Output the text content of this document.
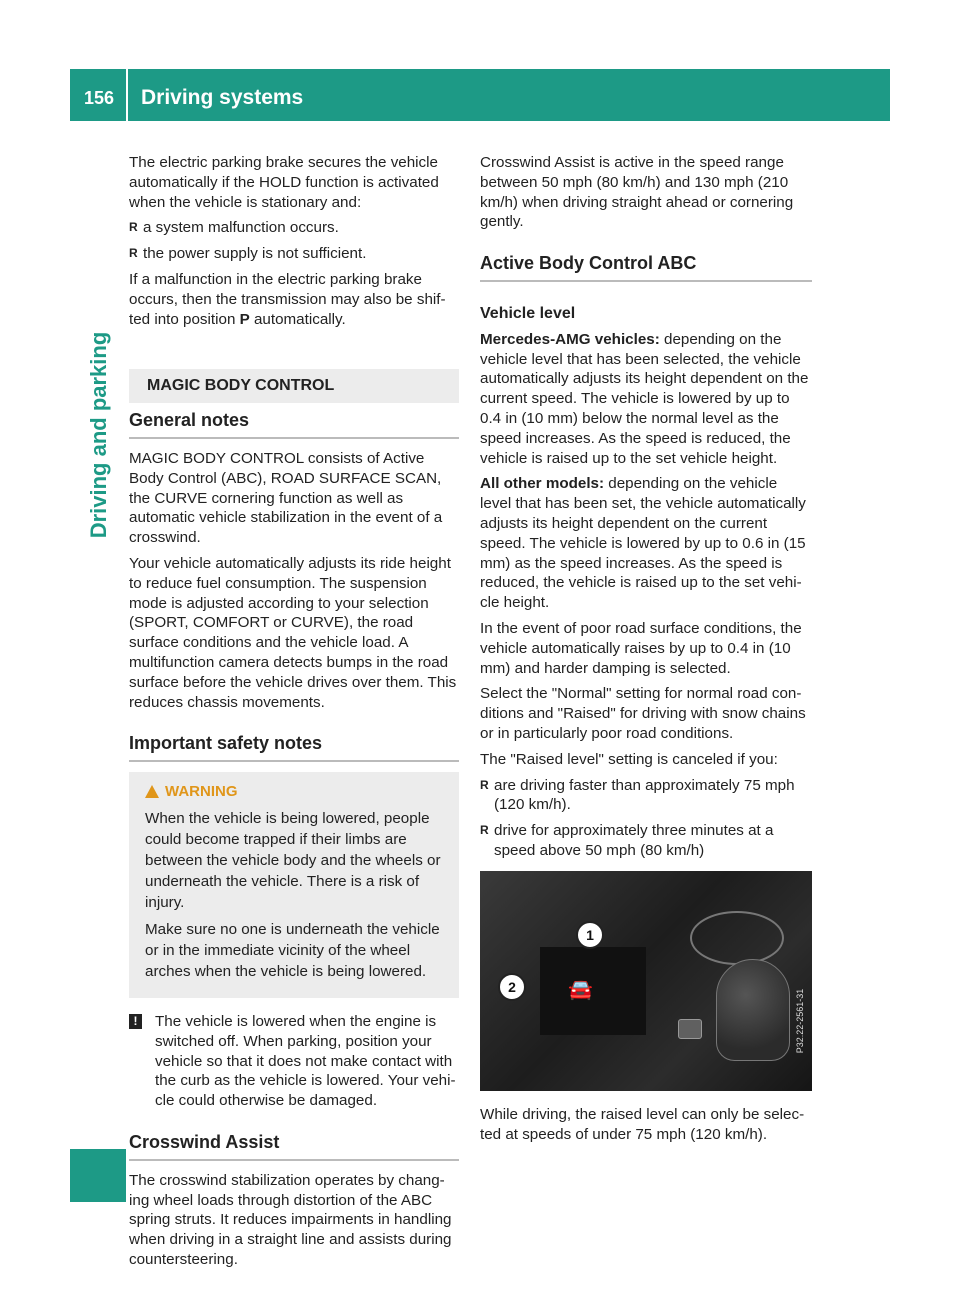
156 Driving systems
Driving and parking

The electric parking brake secures the vehicle automatically if the HOLD function is activated when the vehicle is stationary and:

R a system malfunction occurs.
R the power supply is not sufficient.

If a malfunction in the electric parking brake occurs, then the transmission may also be shif-ted into position P automatically.

MAGIC BODY CONTROL
General notes

MAGIC BODY CONTROL consists of Active Body Control (ABC), ROAD SURFACE SCAN, the CURVE cornering function as well as automatic vehicle stabilization in the event of a crosswind.

Your vehicle automatically adjusts its ride height to reduce fuel consumption. The suspension mode is adjusted according to your selection (SPORT, COMFORT or CURVE), the road surface conditions and the vehicle load. A multifunction camera detects bumps in the road surface before the vehicle drives over them. This reduces chassis movements.

Important safety notes
WARNING

When the vehicle is being lowered, people could become trapped if their limbs are between the vehicle body and the wheels or underneath the vehicle. There is a risk of injury.

Make sure no one is underneath the vehicle or in the immediate vicinity of the wheel arches when the vehicle is being lowered.

! The vehicle is lowered when the engine is switched off. When parking, position your vehicle so that it does not make contact with the curb as the vehicle is lowered. Your vehi-cle could otherwise be damaged.

Crosswind Assist

The crosswind stabilization operates by chang-ing wheel loads through distortion of the ABC spring struts. It reduces impairments in handling when driving in a straight line and assists during countersteering.

Crosswind Assist is active in the speed range between 50 mph (80 km/h) and 130 mph (210 km/h) when driving straight ahead or cornering gently.

Active Body Control ABC
Vehicle level

Mercedes-AMG vehicles: depending on the vehicle level that has been selected, the vehicle automatically adjusts its height dependent on the current speed. The vehicle is lowered by up to 0.4 in (10 mm) below the normal level as the speed increases. As the speed is reduced, the vehicle is raised up to the set vehicle height.

All other models: depending on the vehicle level that has been set, the vehicle automatically adjusts its height dependent on the current speed. The vehicle is lowered by up to 0.6 in (15 mm) as the speed increases. As the speed is reduced, the vehicle is raised up to the set vehi-cle height.

In the event of poor road surface conditions, the vehicle automatically raises by up to 0.4 in (10 mm) and harder damping is selected.

Select the "Normal" setting for normal road con-ditions and "Raised" for driving with snow chains or in particularly poor road conditions.

The "Raised level" setting is canceled if you:

R are driving faster than approximately 75 mph (120 km/h).
R drive for approximately three minutes at a speed above 50 mph (80 km/h)
🚘
1
2
P32.22-2561-31

While driving, the raised level can only be selec-ted at speeds of under 75 mph (120 km/h).
